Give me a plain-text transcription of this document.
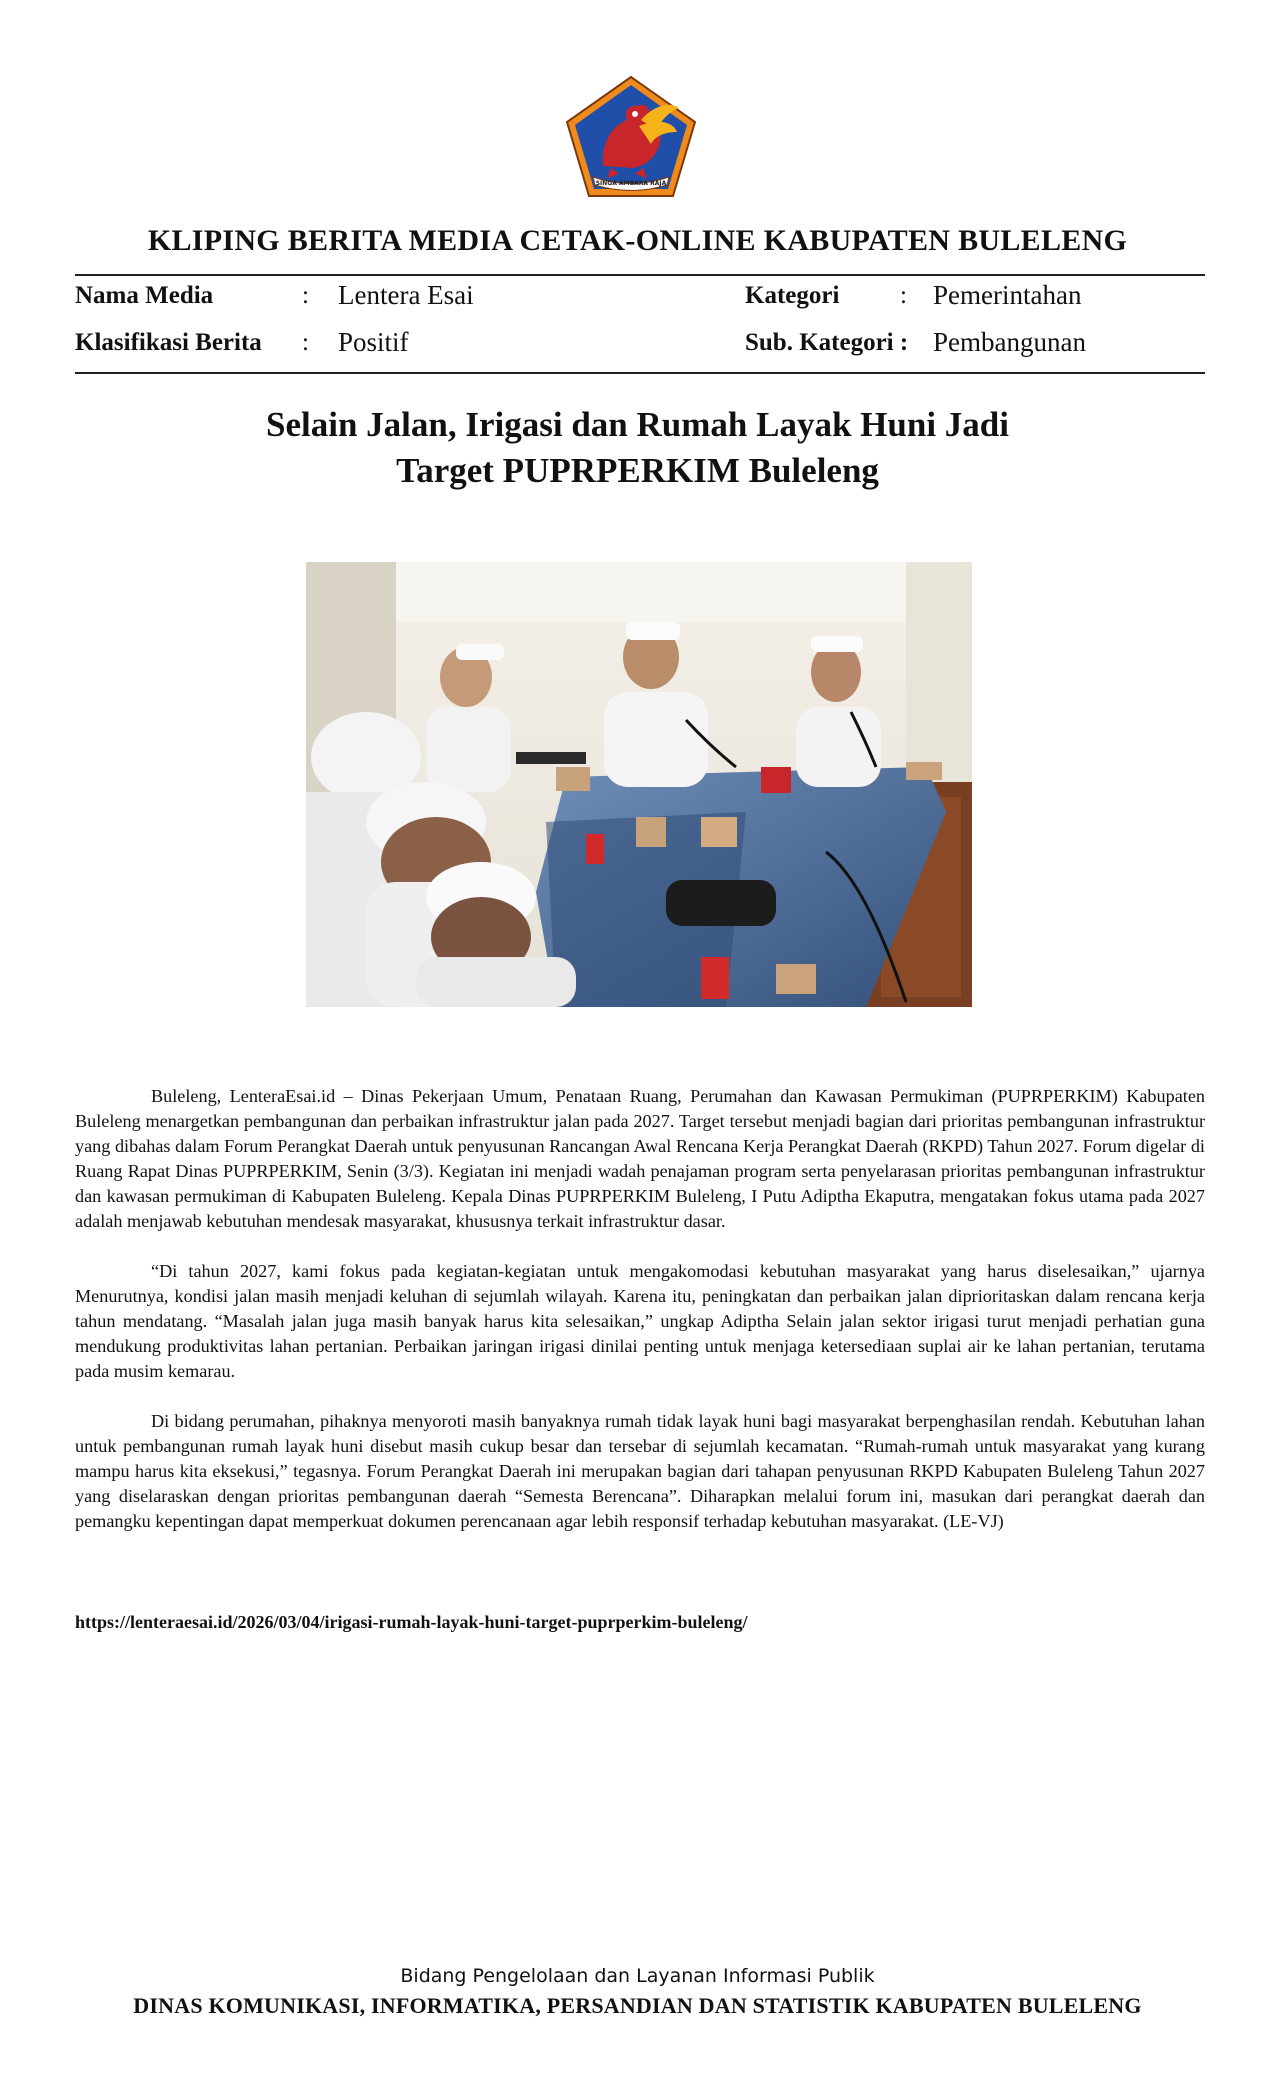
SINGA AMBARA RAJA
KLIPING BERITA MEDIA CETAK-ONLINE KABUPATEN BULELENG
Nama Media	: Lentera Esai	Kategori : Pemerintahan
Klasifikasi Berita : Positif	Sub. Kategori : Pembangunan
Selain Jalan, Irigasi dan Rumah Layak Huni Jadi
Target PUPRPERKIM Buleleng

Buleleng, LenteraEsai.id – Dinas Pekerjaan Umum, Penataan Ruang, Perumahan dan Kawasan Permukiman (PUPRPERKIM) Kabupaten Buleleng menargetkan pembangunan dan perbaikan infrastruktur jalan pada 2027. Target tersebut menjadi bagian dari prioritas pembangunan infrastruktur yang dibahas dalam Forum Perangkat Daerah untuk penyusunan Rancangan Awal Rencana Kerja Perangkat Daerah (RKPD) Tahun 2027. Forum digelar di Ruang Rapat Dinas PUPRPERKIM, Senin (3/3). Kegiatan ini menjadi wadah penajaman program serta penyelarasan prioritas pembangunan infrastruktur dan kawasan permukiman di Kabupaten Buleleng. Kepala Dinas PUPRPERKIM Buleleng, I Putu Adiptha Ekaputra, mengatakan fokus utama pada 2027 adalah menjawab kebutuhan mendesak masyarakat, khususnya terkait infrastruktur dasar.

“Di tahun 2027, kami fokus pada kegiatan-kegiatan untuk mengakomodasi kebutuhan masyarakat yang harus diselesaikan,” ujarnya Menurutnya, kondisi jalan masih menjadi keluhan di sejumlah wilayah. Karena itu, peningkatan dan perbaikan jalan diprioritaskan dalam rencana kerja tahun mendatang. “Masalah jalan juga masih banyak harus kita selesaikan,” ungkap Adiptha Selain jalan sektor irigasi turut menjadi perhatian guna mendukung produktivitas lahan pertanian. Perbaikan jaringan irigasi dinilai penting untuk menjaga ketersediaan suplai air ke lahan pertanian, terutama pada musim kemarau.

Di bidang perumahan, pihaknya menyoroti masih banyaknya rumah tidak layak huni bagi masyarakat berpenghasilan rendah. Kebutuhan lahan untuk pembangunan rumah layak huni disebut masih cukup besar dan tersebar di sejumlah kecamatan. “Rumah-rumah untuk masyarakat yang kurang mampu harus kita eksekusi,” tegasnya. Forum Perangkat Daerah ini merupakan bagian dari tahapan penyusunan RKPD Kabupaten Buleleng Tahun 2027 yang diselaraskan dengan prioritas pembangunan daerah “Semesta Berencana”. Diharapkan melalui forum ini, masukan dari perangkat daerah dan pemangku kepentingan dapat memperkuat dokumen perencanaan agar lebih responsif terhadap kebutuhan masyarakat. (LE-VJ)

https://lenteraesai.id/2026/03/04/irigasi-rumah-layak-huni-target-puprperkim-buleleng/
Bidang Pengelolaan dan Layanan Informasi Publik
DINAS KOMUNIKASI, INFORMATIKA, PERSANDIAN DAN STATISTIK KABUPATEN BULELENG
